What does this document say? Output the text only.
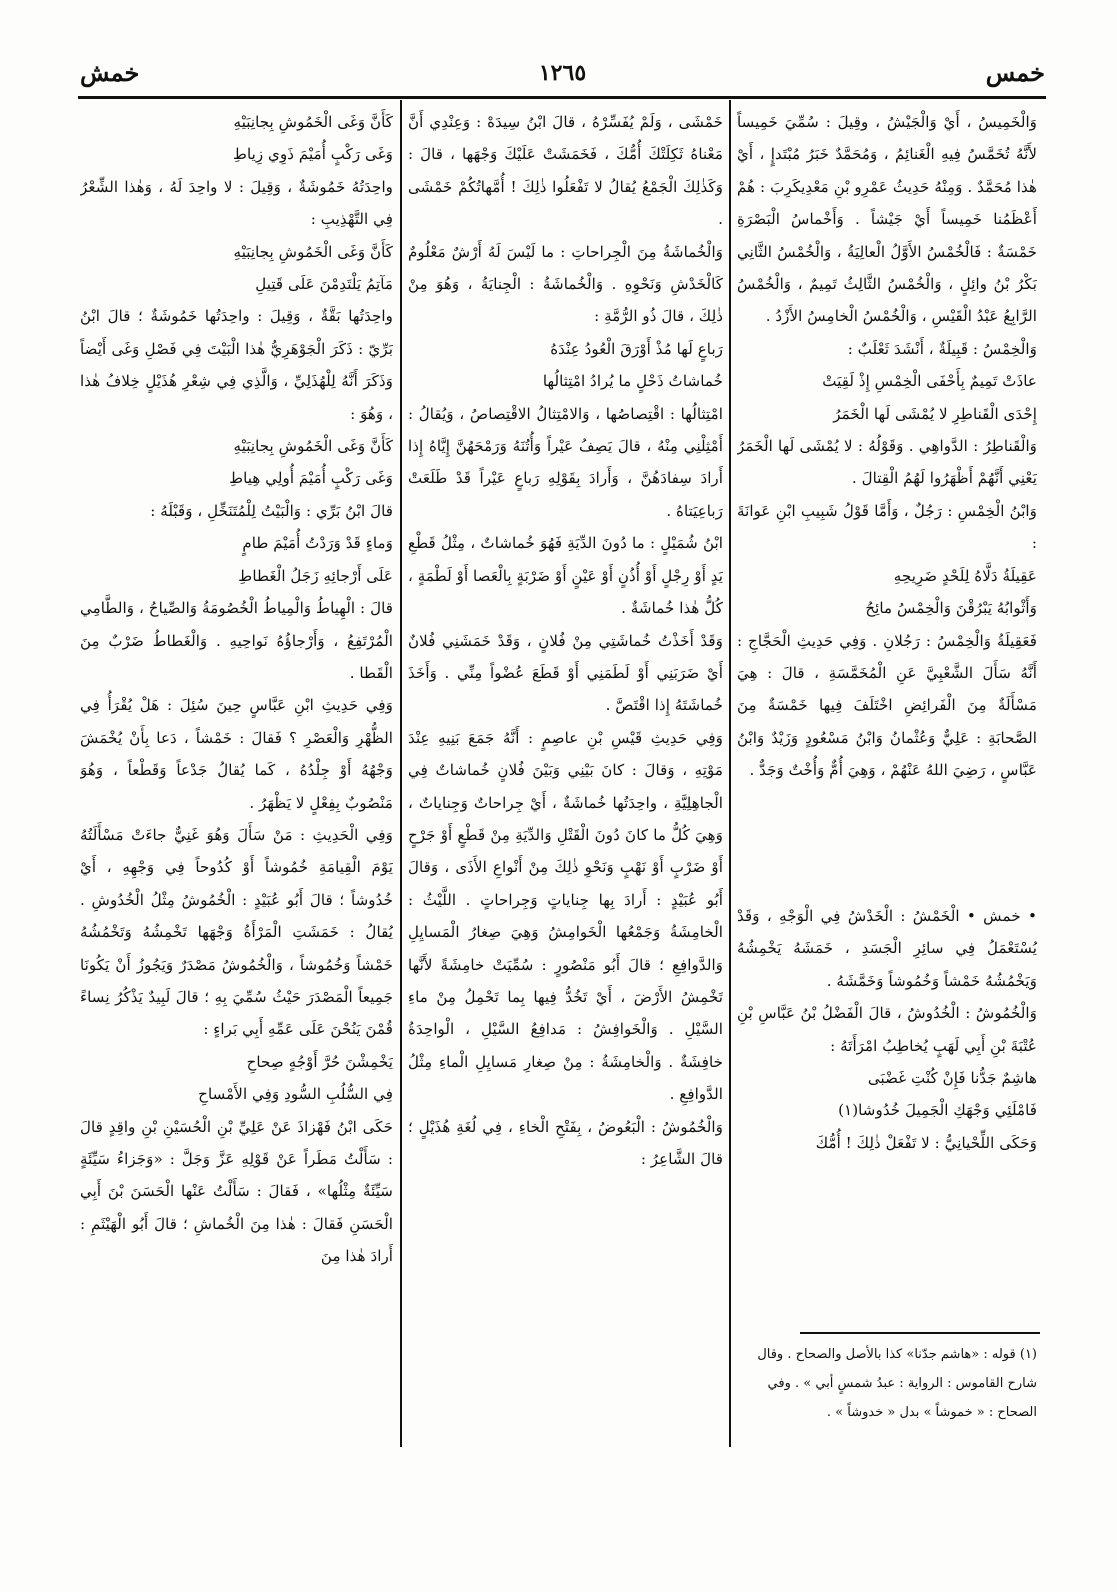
خمس
١٢٦٥
خمش
وَالْخَمِيسُ ، أَيْ وَالْجَيْشُ ، وقِيلَ : سُمِّيَ خَمِيساً لأَنَّهُ تُخَمَّسُ فِيهِ الْغَنائِمُ ، وَمُحَمَّدٌ خَبَرُ مُبْتَدإٍ ، أَيْ هٰذا مُحَمَّدٌ . وَمِنْهُ حَدِيثُ عَمْرِو بْنِ مَعْدِيكَرِبَ : هُمْ أَعْظَمُنا خَمِيساً أَيْ جَيْشاً . وَأَخْماسُ الْبَصْرَةِ خَمْسَةٌ : فَالْخُمْسُ الأَوَّلُ الْعالِيَةُ ، وَالْخُمْسُ الثَّانِي بَكْرُ بْنُ وائِلٍ ، وَالْخُمْسُ الثَّالِثُ تَمِيمٌ ، وَالْخُمْسُ الرَّابِعُ عَبْدُ الْقَيْسِ ، وَالْخُمْسُ الْخامِسُ الأَزْدُ .
وَالْخِمْسُ : قَبِيلَةٌ ، أَنْشَدَ ثَعْلَبٌ :
عاذَتْ تَمِيمٌ بِأَحْفَى الْخِمْسِ إِذْ لَقِيَتْ
إِحْدَى الْقَناطِرِ لا يُمْشَى لَها الْخَمَرُ
وَالْقَناطِرُ : الدَّواهِي . وَقَوْلُهُ : لا يُمْشَى لَها الْخَمَرُ يَعْنِي أَنَّهُمْ أَظْهَرُوا لَهُمُ الْقِتالَ .
وَابْنُ الْخِمْسِ : رَجُلٌ ، وَأَمَّا قَوْلُ شَبِيبِ ابْنِ عَوانَةَ :
عَقِيلَةُ دَلَّاهُ لِلَحْدٍ ضَرِيحِهِ
وَأَثْوابُهُ يَبْرُقْنَ وَالْخِمْسُ مائِحُ
فَعَقِيلَةُ وَالْخِمْسُ : رَجُلانِ . وَفِي حَدِيثِ الْحَجَّاجِ : أَنَّهُ سَأَلَ الشَّعْبِيَّ عَنِ الْمُخَمَّسَةِ ، قالَ : هِيَ مَسْأَلَةٌ مِنَ الْفَرائِضِ اخْتَلَفَ فِيها خَمْسَةٌ مِنَ الصَّحابَةِ : عَلِيٌّ وَعُثْمانُ وَابْنُ مَسْعُودٍ وَزَيْدٌ وَابْنُ عَبَّاسٍ ، رَضِيَ اللهُ عَنْهُمْ ، وَهِيَ أُمٌّ وَأُخْتٌ وَجَدٌّ .
خَمْشَى ، وَلَمْ يُفَسِّرْهُ ، قالَ ابْنُ سِيدَهْ : وَعِنْدِي أَنَّ مَعْناهُ ثَكِلَتْكَ أُمُّكَ ، فَخَمَشَتْ عَلَيْكَ وَجْهَها ، قالَ : وَكَذٰلِكَ الْجَمْعُ يُقالُ لا تَفْعَلُوا ذٰلِكَ ! أُمَّهاتُكُمْ خَمْشَى .
وَالْخُماشَةُ مِنَ الْجِراحاتِ : ما لَيْسَ لَهُ أَرْشٌ مَعْلُومٌ كَالْخَدْشِ وَنَحْوِهِ . وَالْخُماشَةُ : الْجِنايَةُ ، وَهُوَ مِنْ ذٰلِكَ ، قالَ ذُو الرُّمَّةِ :
رَباعٍ لَها مُذْ أَوْرَقَ الْعُودُ عِنْدَهُ
خُماشاتُ ذَحْلٍ ما يُرادُ امْتِثالُها
امْتِثالُها : اقْتِصاصُها ، وَالامْتِثالُ الاقْتِصاصُ ، وَيُقالُ : أَمْثِلْنِي مِنْهُ ، قالَ يَصِفُ عَيْراً وَأُتُنَهُ وَرَمْحَهُنَّ إِيَّاهُ إِذا أَرادَ سِفادَهُنَّ ، وَأَرادَ بِقَوْلِهِ رَباعٍ عَيْراً قَدْ طَلَعَتْ رَباعِيَتاهُ .
ابْنُ شُمَيْلٍ : ما دُونَ الدِّيَةِ فَهُوَ خُماشاتٌ ، مِثْلُ قَطْعِ يَدٍ أَوْ رِجْلٍ أَوْ أُذُنٍ أَوْ عَيْنٍ أَوْ ضَرْبَةٍ بِالْعَصا أَوْ لَطْمَةٍ ، كُلُّ هٰذا خُماشَةٌ .
وَقَدْ أَخَذْتُ خُماشَتِي مِنْ فُلانٍ ، وَقَدْ خَمَشَنِي فُلانٌ أَيْ ضَرَبَنِي أَوْ لَطَمَنِي أَوْ قَطَعَ عُضْواً مِنِّي . وَأَخَذَ خُماشَتَهُ إِذا اقْتَصَّ .
وَفِي حَدِيثِ قَيْسِ بْنِ عاصِمٍ : أَنَّهُ جَمَعَ بَنِيهِ عِنْدَ مَوْتِهِ ، وَقالَ : كانَ بَيْنِي وَبَيْنَ فُلانٍ خُماشاتٌ فِي الْجاهِلِيَّةِ ، واحِدَتُها خُماشَةٌ ، أَيْ جِراحاتٌ وَجِناياتٌ ، وَهِيَ كُلُّ ما كانَ دُونَ الْقَتْلِ وَالدِّيَةِ مِنْ قَطْعٍ أَوْ جَرْحٍ أَوْ ضَرْبٍ أَوْ نَهْبٍ وَنَحْوِ ذٰلِكَ مِنْ أَنْواعِ الأَذَى ، وَقالَ أَبُو عُبَيْدٍ : أَرادَ بِها جِناياتٍ وَجِراحاتٍ . اللَّيْثُ : الْخامِشَةُ وَجَمْعُها الْخَوامِشُ وَهِيَ صِغارُ الْمَسايِلِ وَالدَّوافِعِ ؛ قالَ أَبُو مَنْصُورٍ : سُمِّيَتْ خامِشَةً لأَنَّها تَخْمِشُ الأَرْضَ ، أَيْ تَخُدُّ فِيها بِما تَحْمِلُ مِنْ ماءِ السَّيْلِ . وَالْخَوافِشُ : مَدافِعُ السَّيْلِ ، الْواحِدَةُ خافِشَةٌ . وَالْخامِشَةُ : مِنْ صِغارِ مَسايِلِ الْماءِ مِثْلُ الدَّوافِعِ .
وَالْخُمُوشُ : الْبَعُوضُ ، بِفَتْحِ الْخاءِ ، فِي لُغَةِ هُذَيْلٍ ؛ قالَ الشَّاعِرُ :
كَأَنَّ وَغَى الْخَمُوشِ بِجانِبَيْهِ
وَغَى رَكْبٍ أُمَيْمَ ذَوِي زِياطِ
واحِدَتُهُ خَمُوشَةٌ ، وَقِيلَ : لا واحِدَ لَهُ ، وَهٰذا الشِّعْرُ فِي التَّهْذِيبِ :
كَأَنَّ وَغَى الْخَمُوشِ بِجانِبَيْهِ
مَآتِمُ يَلْتَدِمْنَ عَلَى قَتِيلِ
واحِدَتُها بَقَّةٌ ، وَقِيلَ : واحِدَتُها خَمُوشَةٌ ؛ قالَ ابْنُ بَرِّيّ : ذَكَرَ الْجَوْهَرِيُّ هٰذا الْبَيْتَ فِي فَصْلِ وَغَى أَيْضاً وَذَكَرَ أَنَّهُ لِلْهُذَلِيِّ ، وَالَّذِي فِي شِعْرِ هُذَيْلٍ خِلافُ هٰذا ، وَهُوَ :
كَأَنَّ وَغَى الْخَمُوشِ بِجانِبَيْهِ
وَغَى رَكْبٍ أُمَيْمَ أُولِي هِياطِ
قالَ ابْنُ بَرِّي : وَالْبَيْتُ لِلْمُتَنَخِّلِ ، وَقَبْلَهُ :
وَماءٍ قَدْ وَرَدْتُ أُمَيْمَ طامٍ
عَلَى أَرْجائِهِ زَجَلُ الْغَطاطِ
قالَ : الْهِياطُ وَالْمِياطُ الْخُصُومَةُ وَالصِّياحُ ، وَالطَّامِي الْمُرْتَفِعُ ، وَأَرْجاؤُهُ نَواحِيهِ . وَالْغَطاطُ ضَرْبٌ مِنَ الْقَطا .
وَفِي حَدِيثِ ابْنِ عَبَّاسٍ حِينَ سُئِلَ : هَلْ يُقْرَأُ فِي الظُّهْرِ وَالْعَصْرِ ؟ فَقالَ : خَمْشاً ، دَعا بِأَنْ يُخْمَشَ وَجْهُهُ أَوْ جِلْدُهُ ، كَما يُقالُ جَدْعاً وَقَطْعاً ، وَهُوَ مَنْصُوبٌ بِفِعْلٍ لا يَظْهَرُ .
وَفِي الْحَدِيثِ : مَنْ سَأَلَ وَهُوَ غَنِيٌّ جاءَتْ مَسْأَلَتُهُ يَوْمَ الْقِيامَةِ خُمُوشاً أَوْ كُدُوحاً فِي وَجْهِهِ ، أَيْ خُدُوشاً ؛ قالَ أَبُو عُبَيْدٍ : الْخُمُوشُ مِثْلُ الْخُدُوشِ . يُقالُ : خَمَشَتِ الْمَرْأَةُ وَجْهَها تَخْمِشُهُ وَتَخْمُشُهُ خَمْشاً وَخُمُوشاً ، وَالْخُمُوشُ مَصْدَرٌ وَيَجُوزُ أَنْ يَكُونَا جَمِيعاً الْمَصْدَرَ حَيْثُ سُمِّيَ بِهِ ؛ قالَ لَبِيدٌ يَذْكُرُ نِساءً قُمْنَ يَنُحْنَ عَلَى عَمِّهِ أَبِي بَراءٍ :
يَخْمِشْنَ حُرَّ أَوْجُهٍ صِحاحِ
فِي السُّلُبِ السُّودِ وَفِي الأَمْساحِ
حَكَى ابْنُ فَهْزاذَ عَنْ عَلِيِّ بْنِ الْحُسَيْنِ بْنِ واقِدٍ قالَ : سَأَلْتُ مَطَراً عَنْ قَوْلِهِ عَزَّ وَجَلَّ : «وَجَزاءُ سَيِّئَةٍ سَيِّئَةٌ مِثْلُها» ، فَقالَ : سَأَلْتُ عَنْها الْحَسَنَ بْنَ أَبِي الْحَسَنِ فَقالَ : هٰذا مِنَ الْخُماشِ ؛ قالَ أَبُو الْهَيْثَمِ : أَرادَ هٰذا مِنَ
• خمش • الْخَمْشُ : الْخَدْشُ فِي الْوَجْهِ ، وَقَدْ يُسْتَعْمَلُ فِي سائِرِ الْجَسَدِ ، خَمَشَهُ يَخْمِشُهُ وَيَخْمُشُهُ خَمْشاً وَخُمُوشاً وَخَمَّشَهُ .
وَالْخُمُوشُ : الْخُدُوشُ ، قالَ الْفَضْلُ بْنُ عَبَّاسِ بْنِ عُتْبَةَ بْنِ أَبِي لَهَبٍ يُخاطِبُ امْرَأَتَهُ :
هاشِمٌ جَدُّنا فَإِنْ كُنْتِ غَضْبَى
فَامْلَئِي وَجْهَكِ الْجَمِيلَ خُدُوشا(١)
وَحَكَى اللِّحْيانِيُّ : لا تَفْعَلْ ذٰلِكَ ! أُمُّكَ
(١) قوله : «هاشم جدّنا» كذا بالأصل والصحاح . وقال شارح القاموس : الرواية : عبدُ شمسٍ أبي » . وفي الصحاح : « خموشاً » بدل « خدوشاً » .
